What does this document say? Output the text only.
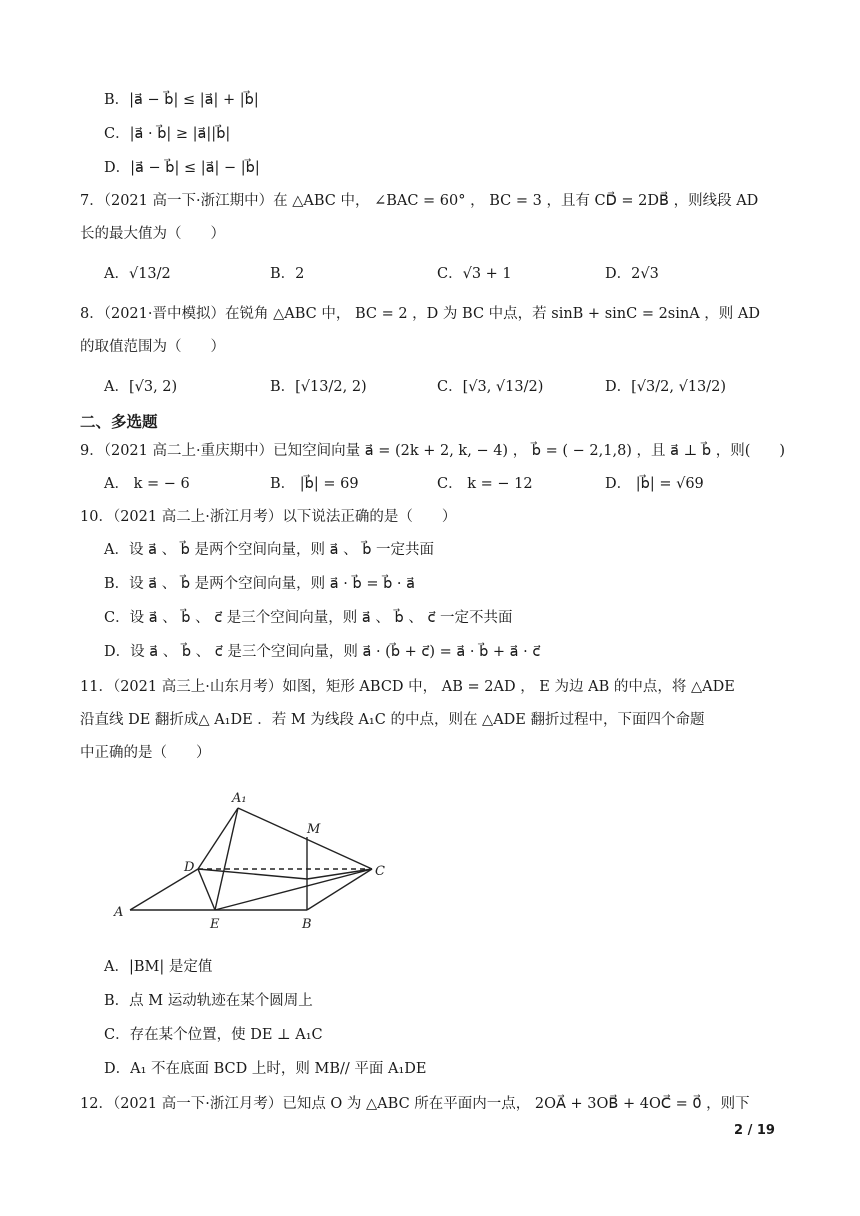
B．|a⃗ − b⃗| ≤ |a⃗| + |b⃗|
C．|a⃗ · b⃗| ≥ |a⃗||b⃗|
D．|a⃗ − b⃗| ≤ |a⃗| − |b⃗|
7．（2021 高一下·浙江期中）在 △ABC 中， ∠BAC = 60° ， BC = 3 ，且有 CD⃗ = 2DB⃗ ，则线段 AD
长的最大值为（　　）
A．√13/2	B．2	C．√3 + 1	D．2√3
8．（2021·晋中模拟）在锐角 △ABC 中， BC = 2 ，D 为 BC 中点，若 sinB + sinC = 2sinA ，则 AD
的取值范围为（　　）
A．[√3, 2)	B．[√13/2, 2)	C．[√3, √13/2)	D．[√3/2, √13/2)
二、多选题
9．（2021 高二上·重庆期中）已知空间向量 a⃗ = (2k + 2, k, − 4) ， b⃗ = ( − 2,1,8) ，且 a⃗ ⊥ b⃗ ，则(　　)
A． k = − 6	B． |b⃗| = 69	C． k = − 12	D． |b⃗| = √69
10．（2021 高二上·浙江月考）以下说法正确的是（　　）
A．设 a⃗ 、 b⃗ 是两个空间向量，则 a⃗ 、 b⃗ 一定共面
B．设 a⃗ 、 b⃗ 是两个空间向量，则 a⃗ · b⃗ = b⃗ · a⃗
C．设 a⃗ 、 b⃗ 、 c⃗ 是三个空间向量，则 a⃗ 、 b⃗ 、 c⃗ 一定不共面
D．设 a⃗ 、 b⃗ 、 c⃗ 是三个空间向量，则 a⃗ · (b⃗ + c⃗) = a⃗ · b⃗ + a⃗ · c⃗
11．（2021 高三上·山东月考）如图，矩形 ABCD 中， AB = 2AD ， E 为边 AB 的中点，将 △ADE
沿直线 DE 翻折成△ A₁DE ．若 M 为线段 A₁C 的中点，则在 △ADE 翻折过程中，下面四个命题
中正确的是（　　）
A₁
M
D	C
A
E	B
A．|BM| 是定值
B．点 M 运动轨迹在某个圆周上
C．存在某个位置，使 DE ⊥ A₁C
D．A₁ 不在底面 BCD 上时，则 MB// 平面 A₁DE
12．（2021 高一下·浙江月考）已知点 O 为 △ABC 所在平面内一点， 2OA⃗ + 3OB⃗ + 4OC⃗ = 0⃗ ，则下
2 / 19
